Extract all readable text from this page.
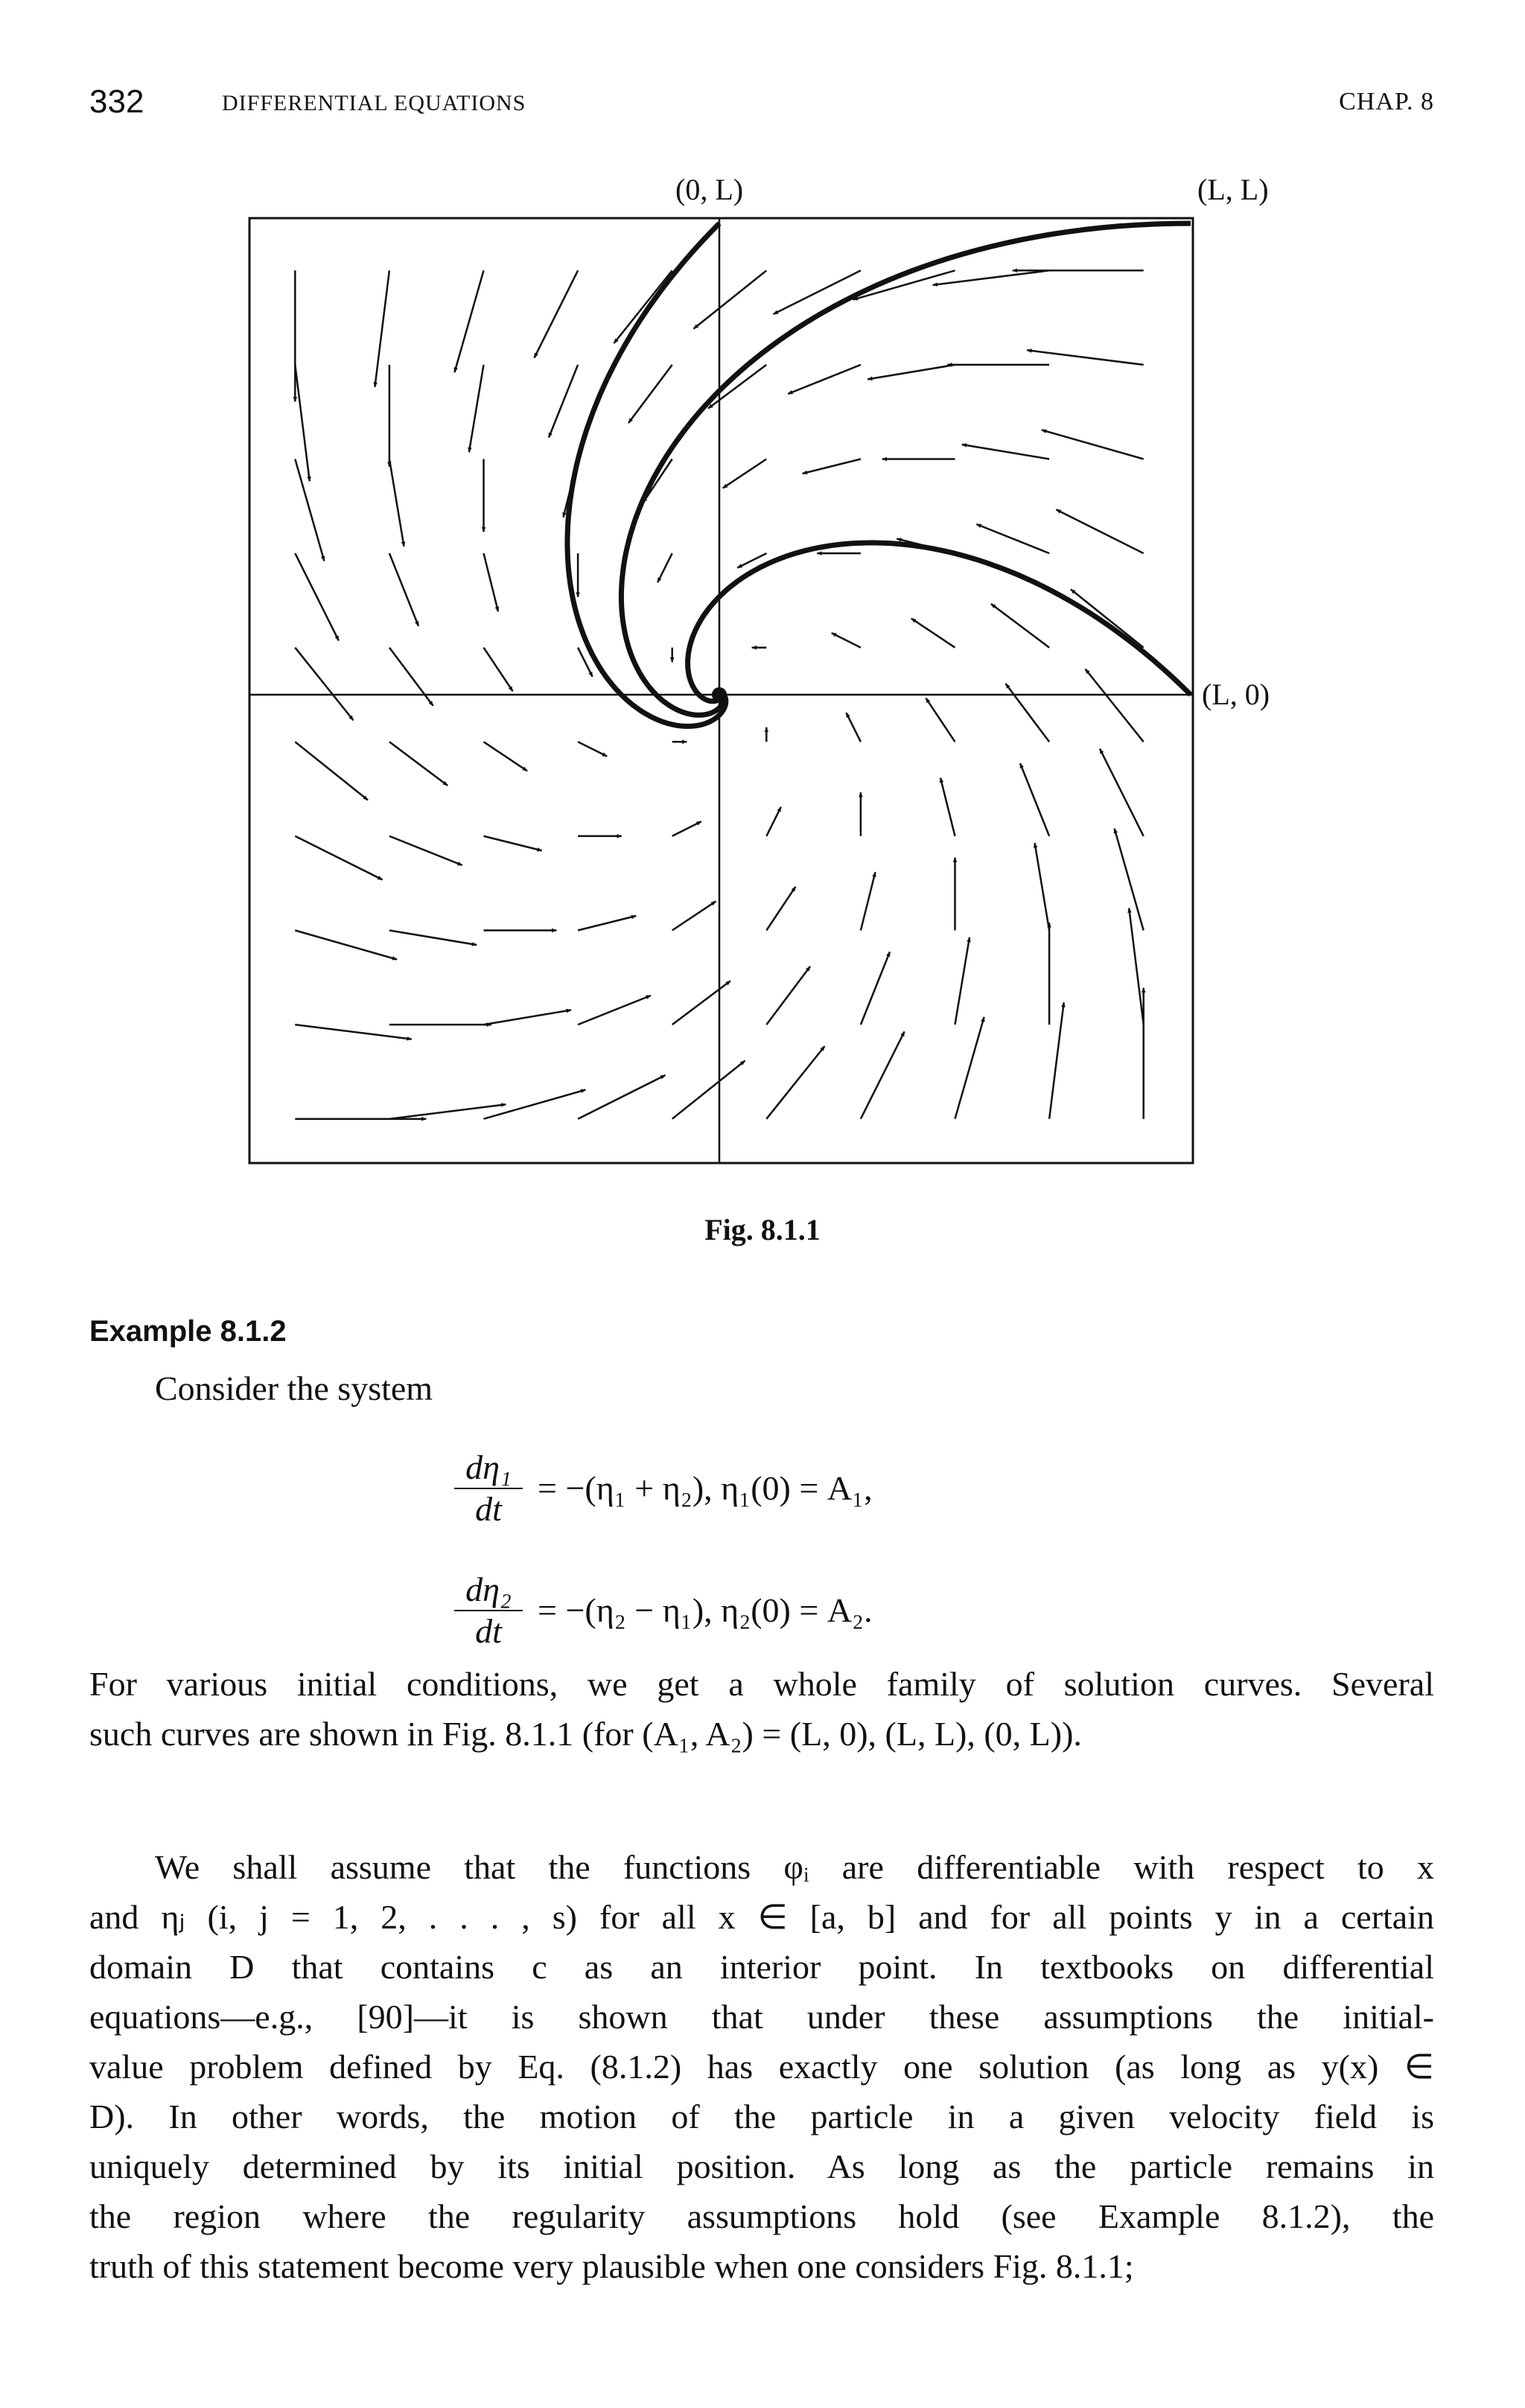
332	DIFFERENTIAL EQUATIONS	CHAP. 8
(0, L)	(L, L)
(L, 0)
Fig. 8.1.1
Example 8.1.2
Consider the system
$\frac{\text{dη₁}}{dt} = -(\eta_1 + \eta_2)$, η₁(0) = A₁,
$\frac{\text{dη₂}}{dt} = -(\eta_2 - \eta_1)$, η₂(0) = A₂.
For various initial conditions, we get a whole family of solution curves. Several
such curves are shown in Fig. 8.1.1 (for (A₁, A₂) = (L, 0), (L, L), (0, L)).
We shall assume that the functions φᵢ are differentiable with respect to x
and ηⱼ (i, j = 1, 2, . . . , s) for all x ∈ [a, b] and for all points y in a certain
domain D that contains c as an interior point. In textbooks on differential
equations—e.g., [90]—it is shown that under these assumptions the initial-
value problem defined by Eq. (8.1.2) has exactly one solution (as long as y(x) ∈
D). In other words, the motion of the particle in a given velocity field is
uniquely determined by its initial position. As long as the particle remains in
the region where the regularity assumptions hold (see Example 8.1.2), the
truth of this statement become very plausible when one considers Fig. 8.1.1;
